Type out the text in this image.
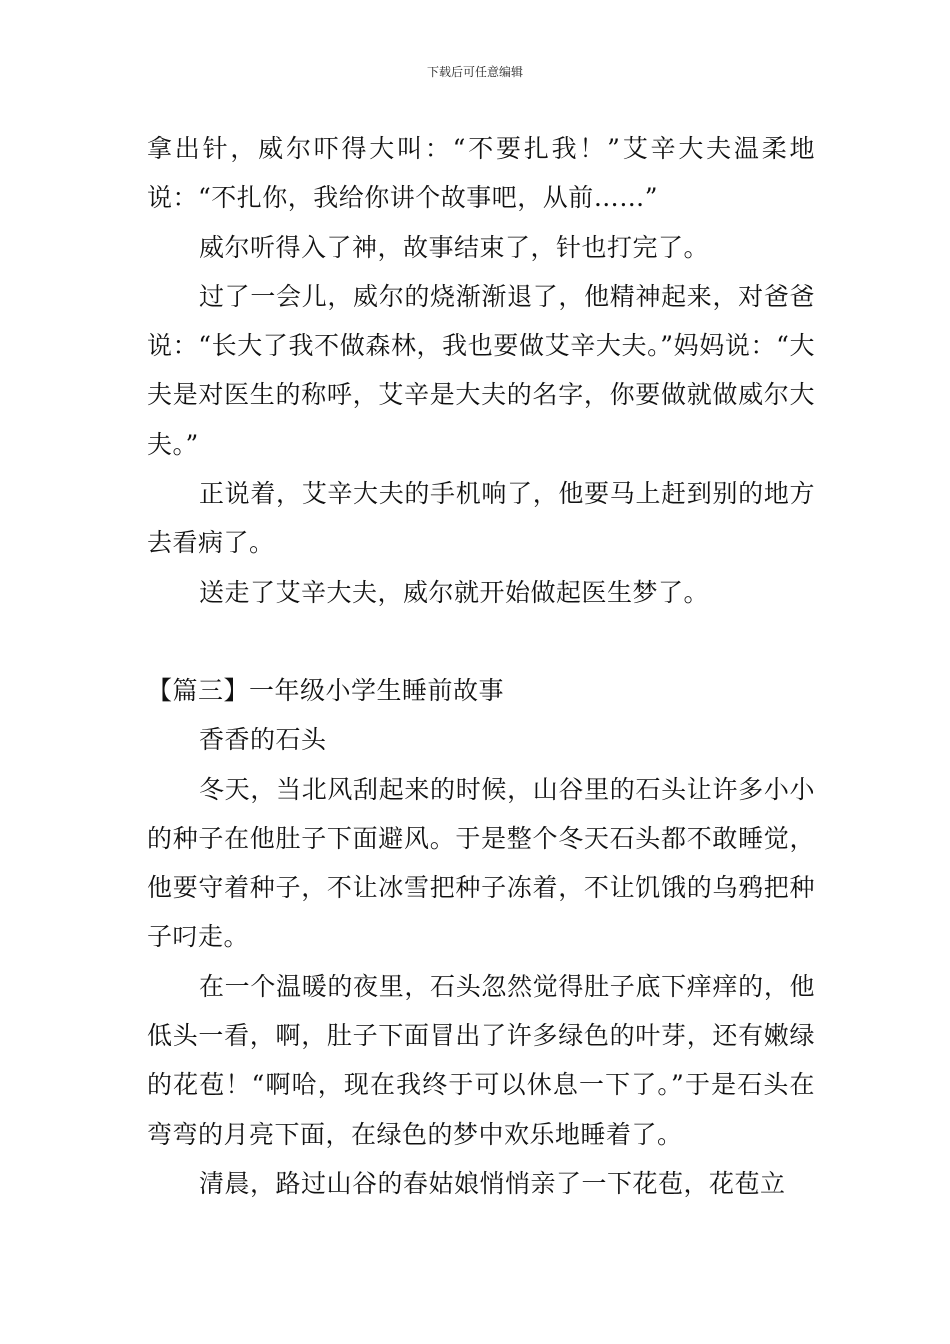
下载后可任意编辑

拿出针，威尔吓得大叫：“不要扎我！”艾辛大夫温柔地说：“不扎你，我给你讲个故事吧，从前……”

威尔听得入了神，故事结束了，针也打完了。

过了一会儿，威尔的烧渐渐退了，他精神起来，对爸爸说：“长大了我不做森林，我也要做艾辛大夫。”妈妈说：“大夫是对医生的称呼，艾辛是大夫的名字，你要做就做威尔大夫。”

正说着，艾辛大夫的手机响了，他要马上赶到别的地方去看病了。

送走了艾辛大夫，威尔就开始做起医生梦了。

【篇三】一年级小学生睡前故事

香香的石头

冬天，当北风刮起来的时候，山谷里的石头让许多小小的种子在他肚子下面避风。于是整个冬天石头都不敢睡觉，他要守着种子，不让冰雪把种子冻着，不让饥饿的乌鸦把种子叼走。

在一个温暖的夜里，石头忽然觉得肚子底下痒痒的，他低头一看，啊，肚子下面冒出了许多绿色的叶芽，还有嫩绿的花苞！“啊哈，现在我终于可以休息一下了。”于是石头在弯弯的月亮下面，在绿色的梦中欢乐地睡着了。

清晨，路过山谷的春姑娘悄悄亲了一下花苞，花苞立
